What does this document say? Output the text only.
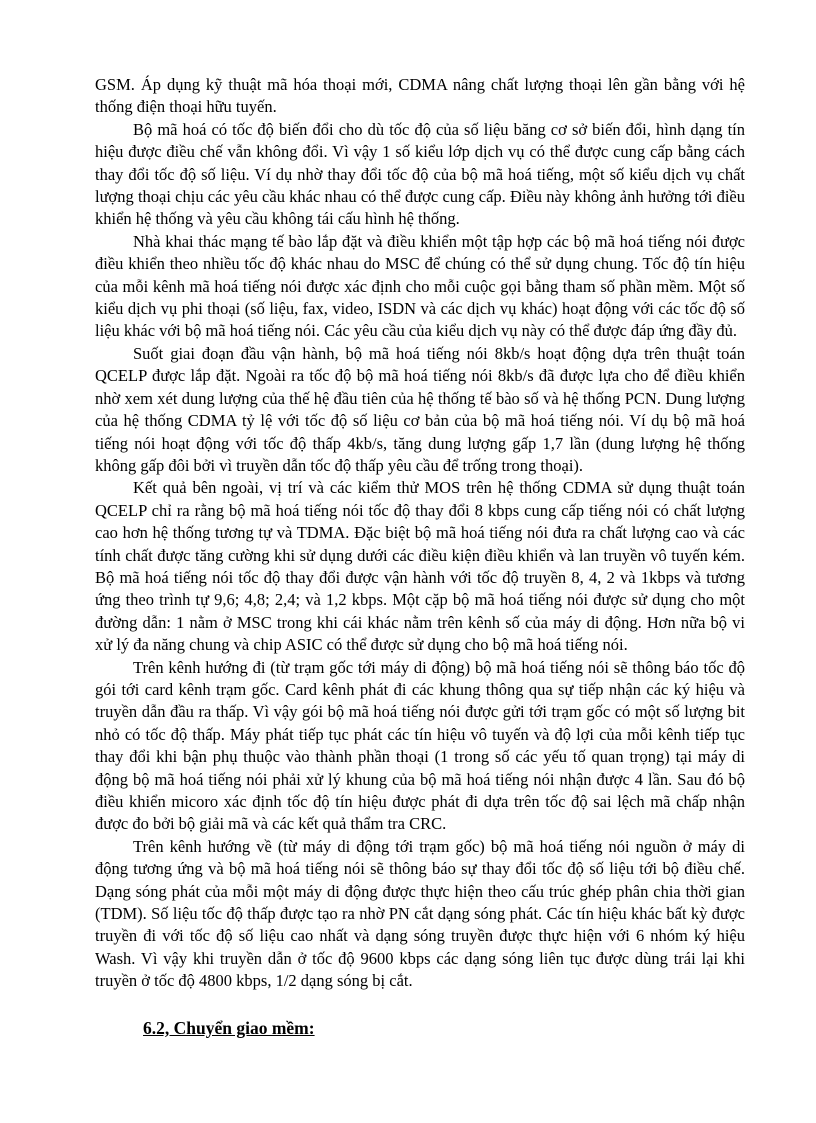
GSM. Áp dụng kỹ thuật mã hóa thoại mới, CDMA nâng chất lượng thoại lên gần bằng với hệ thống điện thoại hữu tuyến.

Bộ mã hoá có tốc độ biến đổi cho dù tốc độ của số liệu băng cơ sở biến đổi, hình dạng tín hiệu được điều chế vẫn không đổi. Vì vậy 1 số kiểu lớp dịch vụ có thể được cung cấp bằng cách thay đổi tốc độ số liệu. Ví dụ nhờ thay đổi tốc độ của bộ mã hoá tiếng, một số kiểu dịch vụ chất lượng thoại chịu các yêu cầu khác nhau có thể được cung cấp. Điều này không ảnh hưởng tới điều khiển hệ thống và yêu cầu không tái cấu hình hệ thống.

Nhà khai thác mạng tế bào lắp đặt và điều khiển một tập hợp các bộ mã hoá tiếng nói được điều khiển theo nhiều tốc độ khác nhau do MSC để chúng có thể sử dụng chung. Tốc độ tín hiệu của mỗi kênh mã hoá tiếng nói được xác định cho mỗi cuộc gọi bằng tham số phần mềm. Một số kiểu dịch vụ phi thoại (số liệu, fax, video, ISDN và các dịch vụ khác) hoạt động với các tốc độ số liệu khác với bộ mã hoá tiếng nói. Các yêu cầu của kiểu dịch vụ này có thể được đáp ứng đầy đủ.

Suốt giai đoạn đầu vận hành, bộ mã hoá tiếng nói 8kb/s hoạt động dựa trên thuật toán QCELP được lắp đặt. Ngoài ra tốc độ bộ mã hoá tiếng nói 8kb/s đã được lựa cho để điều khiển nhờ xem xét dung lượng của thế hệ đầu tiên của hệ thống tế bào số và hệ thống PCN. Dung lượng của hệ thống CDMA tỷ lệ với tốc độ số liệu cơ bản của bộ mã hoá tiếng nói. Ví dụ bộ mã hoá tiếng nói hoạt động với tốc độ thấp 4kb/s, tăng dung lượng gấp 1,7 lần (dung lượng hệ thống không gấp đôi bởi vì truyền dẫn tốc độ thấp yêu cầu để trống trong thoại).

Kết quả bên ngoài, vị trí và các kiểm thử MOS trên hệ thống CDMA sử dụng thuật toán QCELP chỉ ra rằng bộ mã hoá tiếng nói tốc độ thay đổi 8 kbps cung cấp tiếng nói có chất lượng cao hơn hệ thống tương tự và TDMA. Đặc biệt bộ mã hoá tiếng nói đưa ra chất lượng cao và các tính chất được tăng cường khi sử dụng dưới các điều kiện điều khiển và lan truyền vô tuyến kém. Bộ mã hoá tiếng nói tốc độ thay đổi được vận hành với tốc độ truyền 8, 4, 2 và 1kbps và tương ứng theo trình tự 9,6; 4,8; 2,4; và 1,2 kbps. Một cặp bộ mã hoá tiếng nói được sử dụng cho một đường dẫn: 1 nằm ở MSC trong khi cái khác nằm trên kênh số của máy di động. Hơn nữa bộ vi xử lý đa năng chung và chip ASIC có thể được sử dụng cho bộ mã hoá tiếng nói.

Trên kênh hướng đi (từ trạm gốc tới máy di động) bộ mã hoá tiếng nói sẽ thông báo tốc độ gói tới card kênh trạm gốc. Card kênh phát đi các khung thông qua sự tiếp nhận các ký hiệu và truyền dẫn đầu ra thấp. Vì vậy gói bộ mã hoá tiếng nói được gửi tới trạm gốc có một số lượng bit nhỏ có tốc độ thấp. Máy phát tiếp tục phát các tín hiệu vô tuyến và độ lợi của mỗi kênh tiếp tục thay đổi khi bận phụ thuộc vào thành phần thoại (1 trong số các yếu tố quan trọng) tại máy di động bộ mã hoá tiếng nói phải xử lý khung của bộ mã hoá tiếng nói nhận được 4 lần. Sau đó bộ điều khiển micoro xác định tốc độ tín hiệu được phát đi dựa trên tốc độ sai lệch mã chấp nhận được đo bởi bộ giải mã và các kết quả thẩm tra CRC.

Trên kênh hướng về (từ máy di động tới trạm gốc) bộ mã hoá tiếng nói nguồn ở máy di động tương ứng và bộ mã hoá tiếng nói sẽ thông báo sự thay đổi tốc độ số liệu tới bộ điều chế. Dạng sóng phát của mỗi một máy di động được thực hiện theo cấu trúc ghép phân chia thời gian (TDM). Số liệu tốc độ thấp được tạo ra nhờ PN cắt dạng sóng phát. Các tín hiệu khác bất kỳ được truyền đi với tốc độ số liệu cao nhất và dạng sóng truyền được thực hiện với 6 nhóm ký hiệu Wash. Vì vậy khi truyền dẫn ở tốc độ 9600 kbps các dạng sóng liên tục được dùng trái lại khi truyền ở tốc độ 4800 kbps, 1/2 dạng sóng bị cắt.

6.2, Chuyển giao mềm:
